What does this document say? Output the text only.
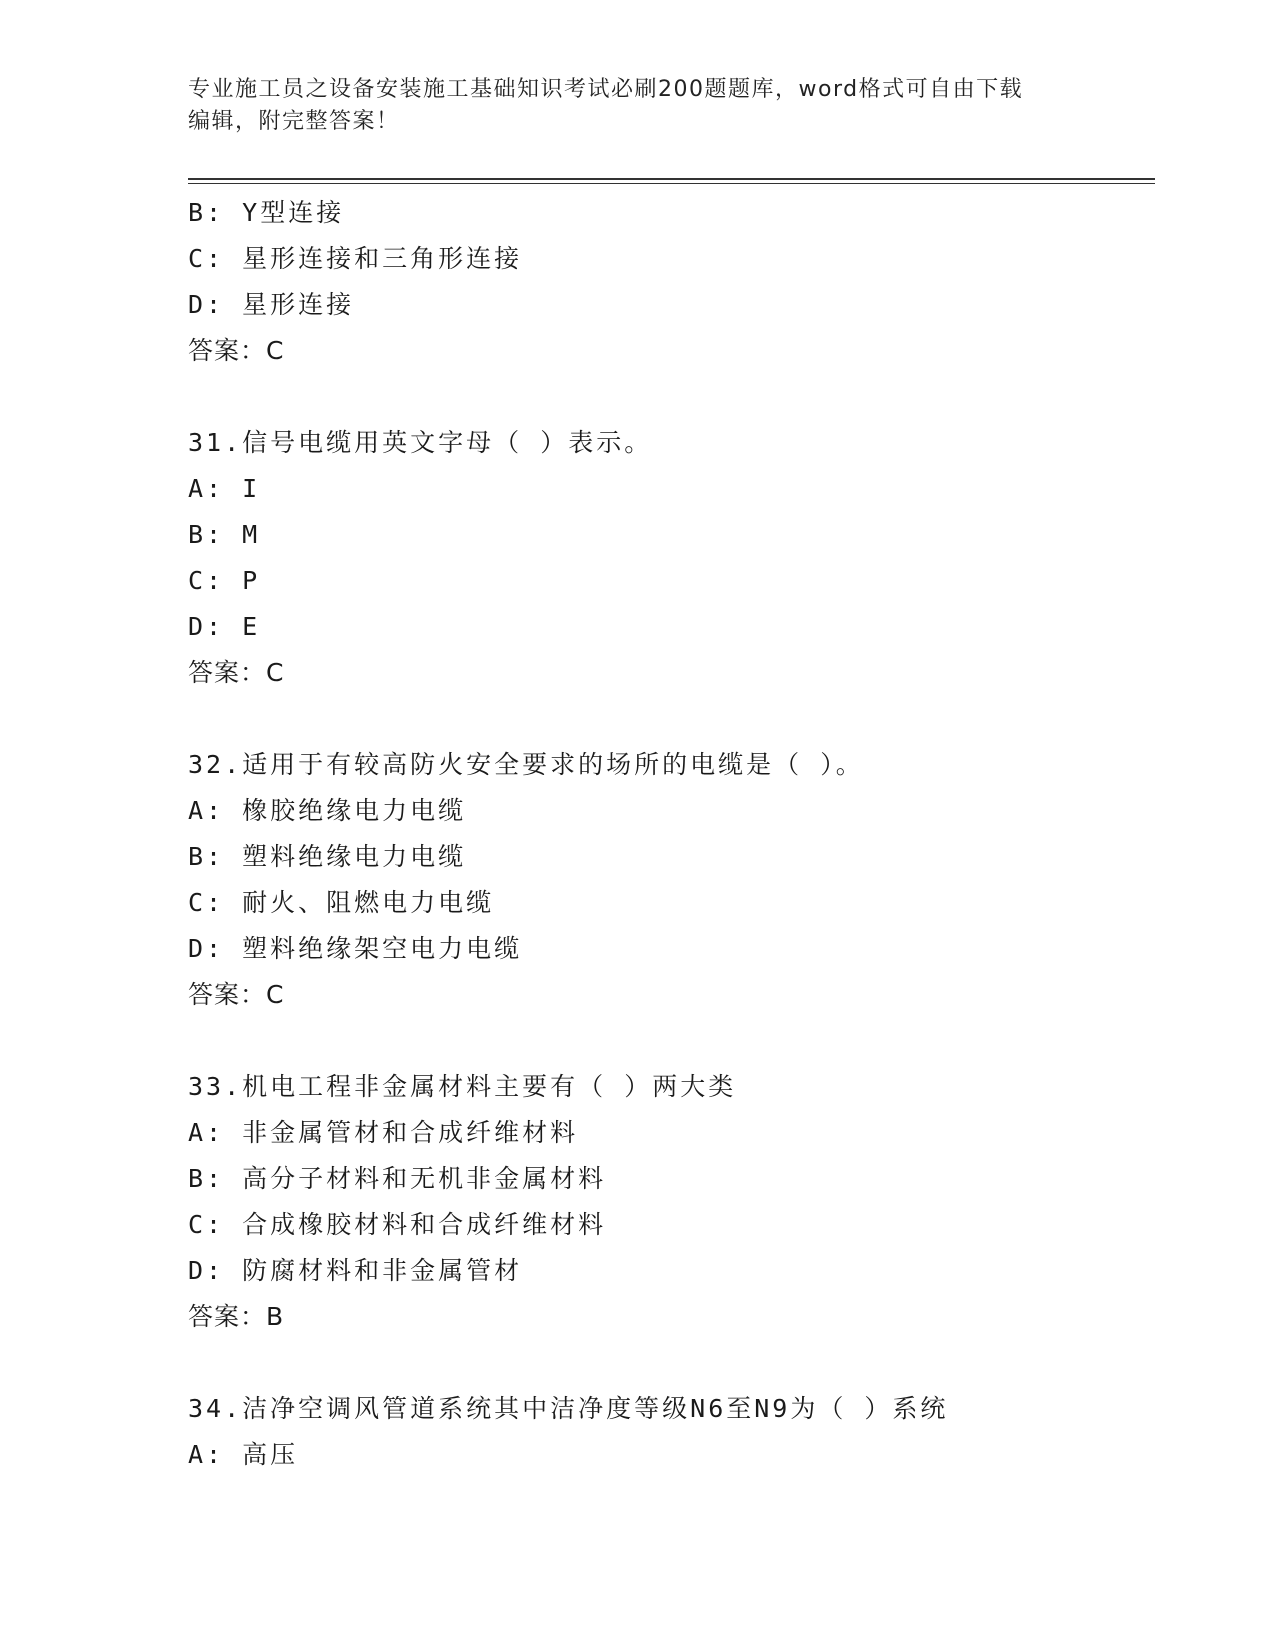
专业施工员之设备安装施工基础知识考试必刷200题题库，word格式可自由下载
编辑，附完整答案！
B: Y型连接
C: 星形连接和三角形连接
D: 星形连接
答案：C
31.信号电缆用英文字母（ ）表示。
A: I
B: M
C: P
D: E
答案：C
32.适用于有较高防火安全要求的场所的电缆是（ ）。
A: 橡胶绝缘电力电缆
B: 塑料绝缘电力电缆
C: 耐火、阻燃电力电缆
D: 塑料绝缘架空电力电缆
答案：C
33.机电工程非金属材料主要有（ ）两大类
A: 非金属管材和合成纤维材料
B: 高分子材料和无机非金属材料
C: 合成橡胶材料和合成纤维材料
D: 防腐材料和非金属管材
答案：B
34.洁净空调风管道系统其中洁净度等级N6至N9为（ ）系统
A: 高压
